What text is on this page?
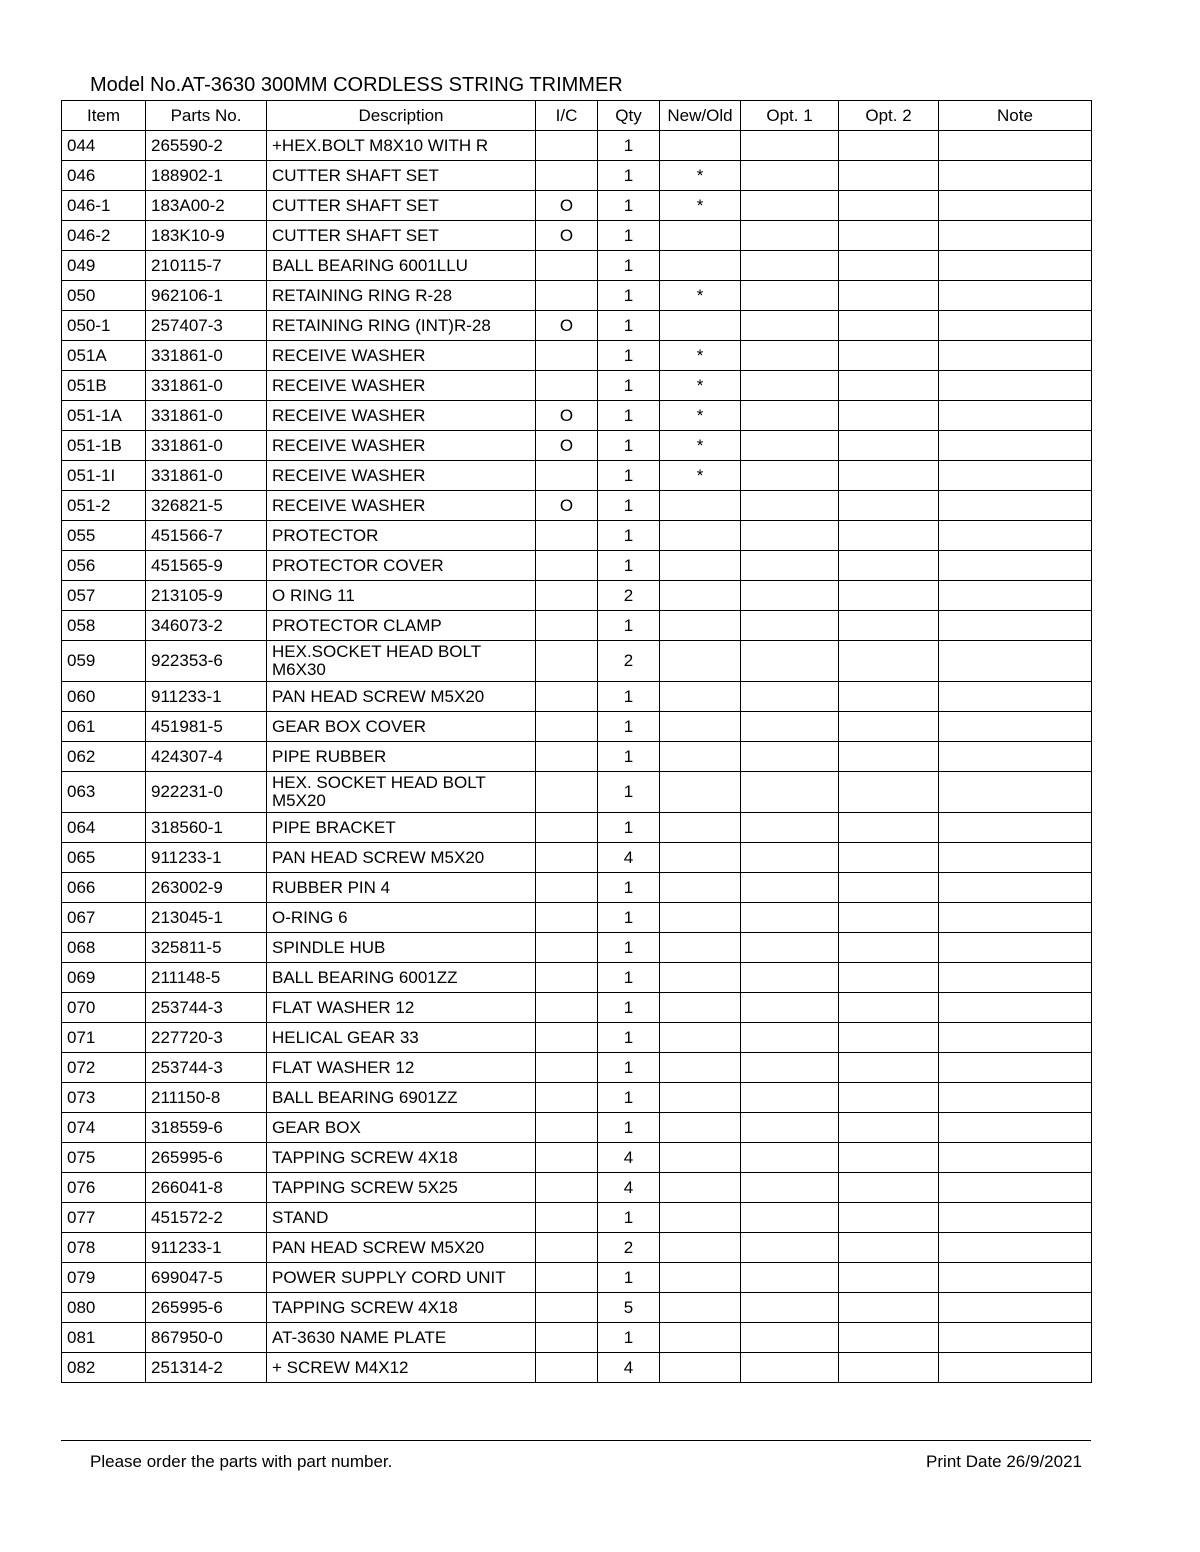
Model No.AT-3630 300MM CORDLESS STRING TRIMMER
Item	Parts No.	Description	I/C	Qty	New/Old	Opt. 1	Opt. 2	Note
044	265590-2	+HEX.BOLT M8X10 WITH R		1				
046	188902-1	CUTTER SHAFT SET		1	*			
046-1	183A00-2	CUTTER SHAFT SET	O	1	*			
046-2	183K10-9	CUTTER SHAFT SET	O	1				
049	210115-7	BALL BEARING 6001LLU		1				
050	962106-1	RETAINING RING R-28		1	*			
050-1	257407-3	RETAINING RING (INT)R-28	O	1				
051A	331861-0	RECEIVE WASHER		1	*			
051B	331861-0	RECEIVE WASHER		1	*			
051-1A	331861-0	RECEIVE WASHER	O	1	*			
051-1B	331861-0	RECEIVE WASHER	O	1	*			
051-1I	331861-0	RECEIVE WASHER		1	*			
051-2	326821-5	RECEIVE WASHER	O	1				
055	451566-7	PROTECTOR		1				
056	451565-9	PROTECTOR COVER		1				
057	213105-9	O RING 11		2				
058	346073-2	PROTECTOR CLAMP		1				
059	922353-6	HEX.SOCKET HEAD BOLT M6X30		2				
060	911233-1	PAN HEAD SCREW M5X20		1				
061	451981-5	GEAR BOX COVER		1				
062	424307-4	PIPE RUBBER		1				
063	922231-0	HEX. SOCKET HEAD BOLT M5X20		1				
064	318560-1	PIPE BRACKET		1				
065	911233-1	PAN HEAD SCREW M5X20		4				
066	263002-9	RUBBER PIN 4		1				
067	213045-1	O-RING 6		1				
068	325811-5	SPINDLE HUB		1				
069	211148-5	BALL BEARING 6001ZZ		1				
070	253744-3	FLAT WASHER 12		1				
071	227720-3	HELICAL GEAR 33		1				
072	253744-3	FLAT WASHER 12		1				
073	211150-8	BALL BEARING 6901ZZ		1				
074	318559-6	GEAR BOX		1				
075	265995-6	TAPPING SCREW 4X18		4				
076	266041-8	TAPPING SCREW 5X25		4				
077	451572-2	STAND		1				
078	911233-1	PAN HEAD SCREW M5X20		2				
079	699047-5	POWER SUPPLY CORD UNIT		1				
080	265995-6	TAPPING SCREW 4X18		5				
081	867950-0	AT-3630 NAME PLATE		1				
082	251314-2	+ SCREW M4X12		4				
Please order the parts with part number.	Print Date 26/9/2021
